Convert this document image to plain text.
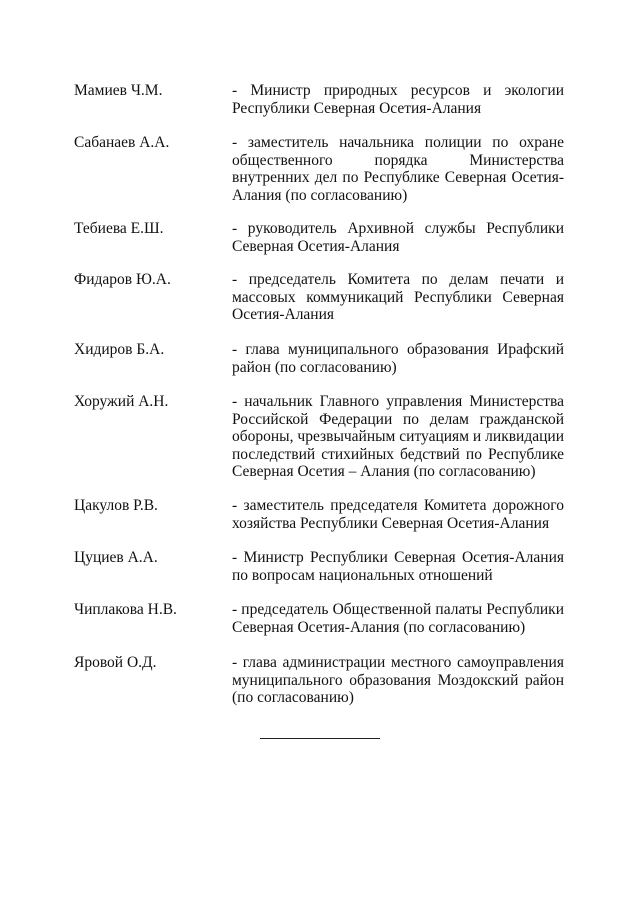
Мамиев Ч.М.	- Министр природных ресурсов и экологии Республики Северная Осетия-Алания
Сабанаев А.А.	- заместитель начальника полиции по охране общественного порядка Министерства внутренних дел по Республике Северная Осетия-Алания (по согласованию)
Тебиева Е.Ш.	- руководитель Архивной службы Республики Северная Осетия-Алания
Фидаров Ю.А.	- председатель Комитета по делам печати и массовых коммуникаций Республики Северная Осетия-Алания
Хидиров Б.А.	- глава муниципального образования Ирафский район (по согласованию)
Хоружий А.Н.	- начальник Главного управления Министерства Российской Федерации по делам гражданской обороны, чрезвычайным ситуациям и ликвидации последствий стихийных бедствий по Республике Северная Осетия – Алания (по согласованию)
Цакулов Р.В.	- заместитель председателя Комитета дорожного хозяйства Республики Северная Осетия-Алания
Цуциев А.А.	- Министр Республики Северная Осетия-Алания по вопросам национальных отношений
Чиплакова Н.В.	- председатель Общественной палаты Республики Северная Осетия-Алания (по согласованию)
Яровой О.Д.	- глава администрации местного самоуправления муниципального образования Моздокский район (по согласованию)
